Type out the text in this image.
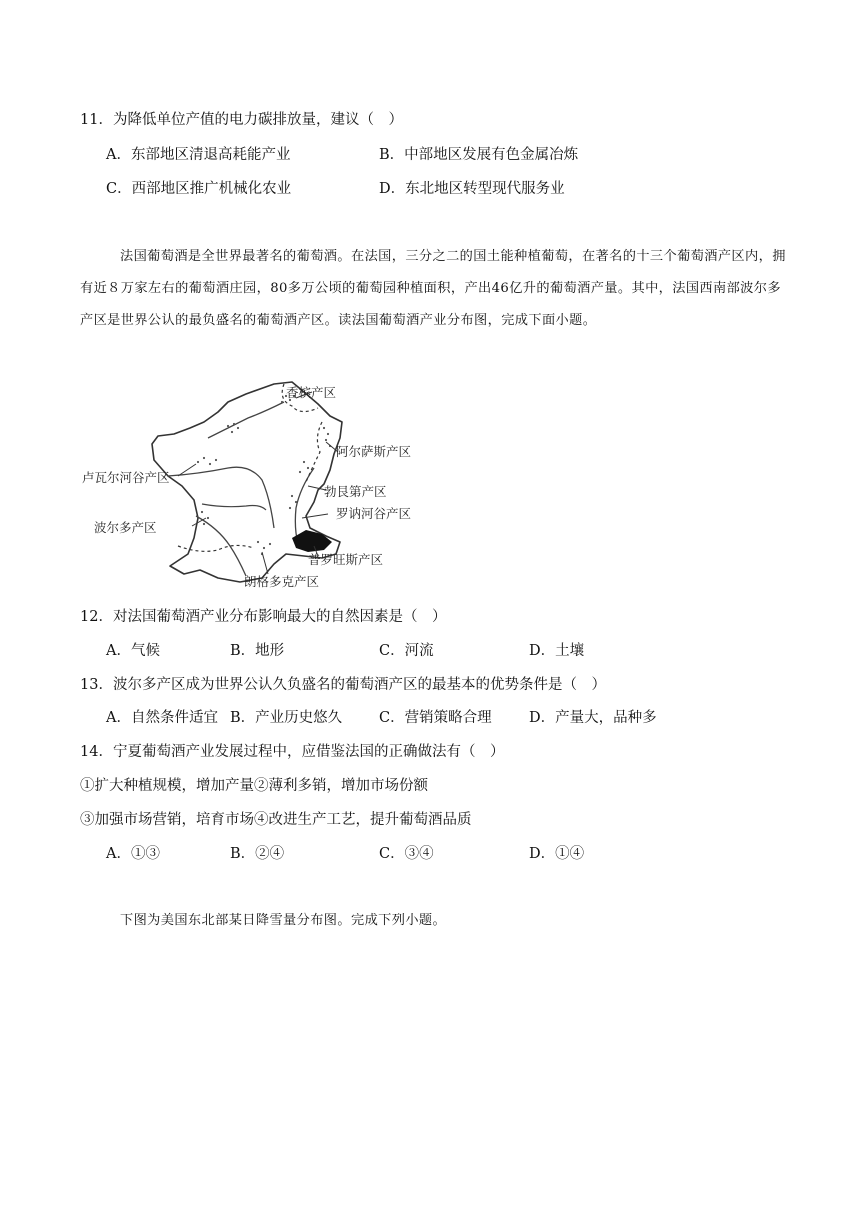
11．为降低单位产值的电力碳排放量，建议（　）
A．东部地区清退高耗能产业	B．中部地区发展有色金属冶炼
C．西部地区推广机械化农业	D．东北地区转型现代服务业
法国葡萄酒是全世界最著名的葡萄酒。在法国，三分之二的国土能种植葡萄，在著名的十三个葡萄酒产区内，拥有近８万家左右的葡萄酒庄园，80多万公顷的葡萄园种植面积，产出46亿升的葡萄酒产量。其中，法国西南部波尔多产区是世界公认的最负盛名的葡萄酒产区。读法国葡萄酒产业分布图，完成下面小题。
香槟产区
阿尔萨斯产区
卢瓦尔河谷产区
勃艮第产区
罗讷河谷产区
波尔多产区
普罗旺斯产区
朗格多克产区
12．对法国葡萄酒产业分布影响最大的自然因素是（　）
A．气候	B．地形	C．河流	D．土壤
13．波尔多产区成为世界公认久负盛名的葡萄酒产区的最基本的优势条件是（　）
A．自然条件适宜 B．产业历史悠久	C．营销策略合理	D．产量大，品种多
14．宁夏葡萄酒产业发展过程中，应借鉴法国的正确做法有（　）
①扩大种植规模，增加产量②薄利多销，增加市场份额
③加强市场营销，培育市场④改进生产工艺，提升葡萄酒品质
A．①③	B．②④	C．③④	D．①④
下图为美国东北部某日降雪量分布图。完成下列小题。
